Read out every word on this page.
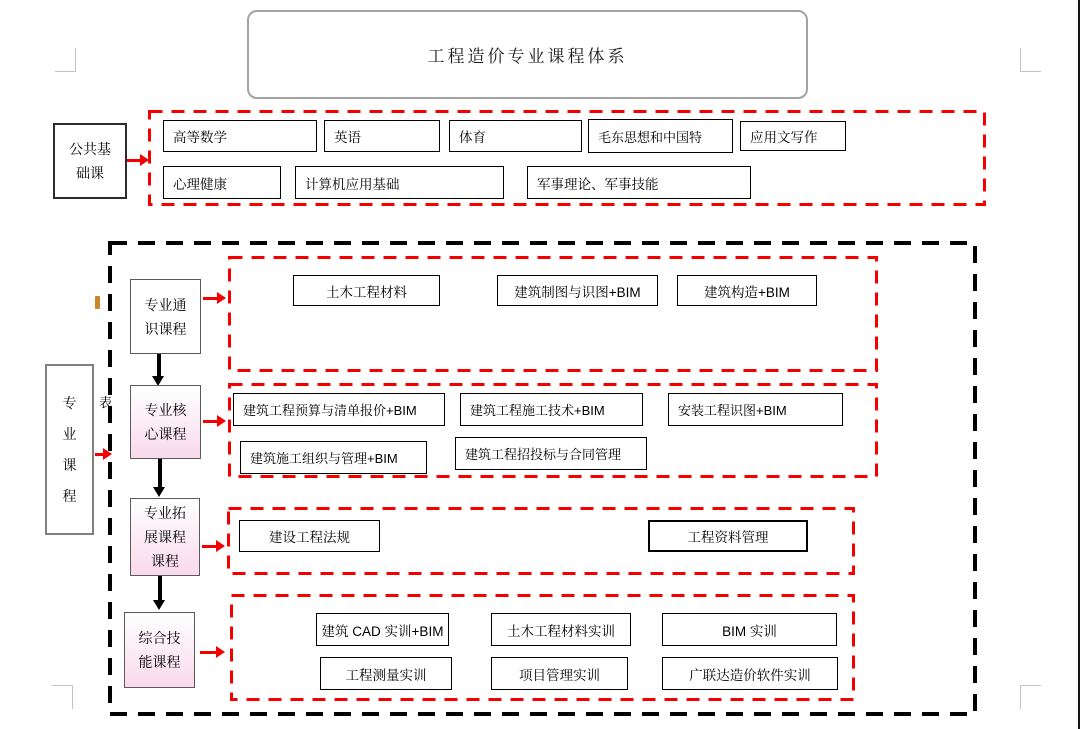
表
工程造价专业课程体系
公共基础课
高等数学	英语	体育	毛东思想和中国特	应用文写作
心理健康	计算机应用基础	军事理论、军事技能
专业课程
专业通识课程
土木工程材料	建筑制图与识图+BIM	建筑构造+BIM
专业核心课程
建筑工程预算与清单报价+BIM	建筑工程施工技术+BIM	安装工程识图+BIM
建筑施工组织与管理+BIM	建筑工程招投标与合同管理
专业拓展课程课程
建设工程法规	工程资料管理
综合技能课程
建筑 CAD 实训+BIM	土木工程材料实训	BIM 实训
工程测量实训	项目管理实训	广联达造价软件实训
